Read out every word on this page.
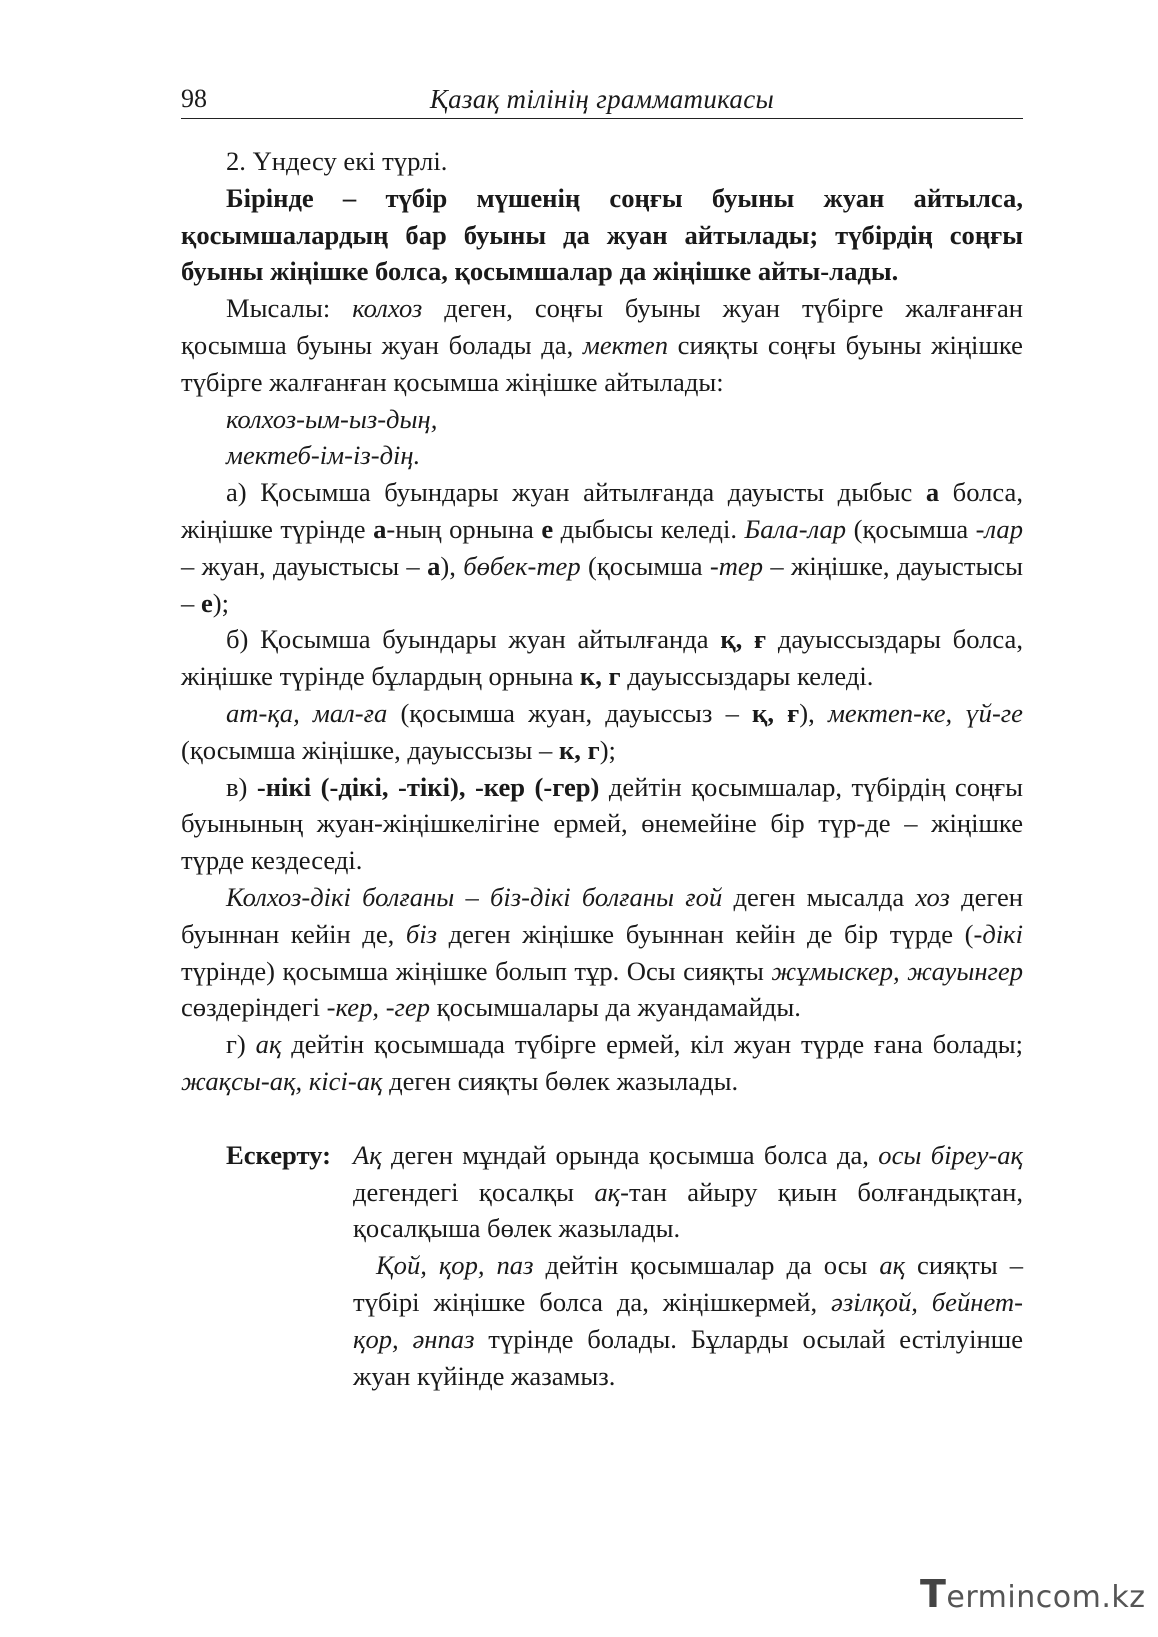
98	Қазақ тілінің грамматикасы

2. Үндесу екі түрлі.

Бірінде – түбір мүшенің соңғы буыны жуан айтылса, қосымшалардың бар буыны да жуан айтылады; түбірдің соңғы буыны жіңішке болса, қосымшалар да жіңішке айты-лады.

Мысалы: колхоз деген, соңғы буыны жуан түбірге жалғанған қосымша буыны жуан болады да, мектеп сияқты соңғы буыны жіңішке түбірге жалғанған қосымша жіңішке айтылады:

колхоз-ым-ыз-дың,

мектеб-ім-із-дің.

а) Қосымша буындары жуан айтылғанда дауысты дыбыс а болса, жіңішке түрінде а-ның орнына е дыбысы келеді. Бала-лар (қосымша -лар – жуан, дауыстысы – а), бөбек-тер (қосымша -тер – жіңішке, дауыстысы – е);

б) Қосымша буындары жуан айтылғанда қ, ғ дауыссыздары болса, жіңішке түрінде бұлардың орнына к, г дауыссыздары келеді.

ат-қа, мал-ға (қосымша жуан, дауыссыз – қ, ғ), мектеп-ке, үй-ге (қосымша жіңішке, дауыссызы – к, г);

в) -нікі (-дікі, -тікі), -кер (-гер) дейтін қосымшалар, түбірдің соңғы буынының жуан-жіңішкелігіне ермей, өнемейіне бір түр-де – жіңішке түрде кездеседі.

Колхоз-дікі болғаны – біз-дікі болғаны ғой деген мысалда хоз деген буыннан кейін де, біз деген жіңішке буыннан кейін де бір түрде (-дікі түрінде) қосымша жіңішке болып тұр. Осы сияқты жұмыскер, жауынгер сөздеріндегі -кер, -гер қосымшалары да жуандамайды.

г) ақ дейтін қосымшада түбірге ермей, кіл жуан түрде ғана болады; жақсы-ақ, кісі-ақ деген сияқты бөлек жазылады.

Ескерту: Ақ деген мұндай орында қосымша болса да, осы біреу-ақ дегендегі қосалқы ақ-тан айыру қиын болғандықтан, қосалқыша бөлек жазылады.

Қой, қор, паз дейтін қосымшалар да осы ақ сияқты – түбірі жіңішке болса да, жіңішкермей, әзілқой, бейнет-қор, әнпаз түрінде болады. Бұларды осылай естілуінше жуан күйінде жазамыз.

Termincom.kz
